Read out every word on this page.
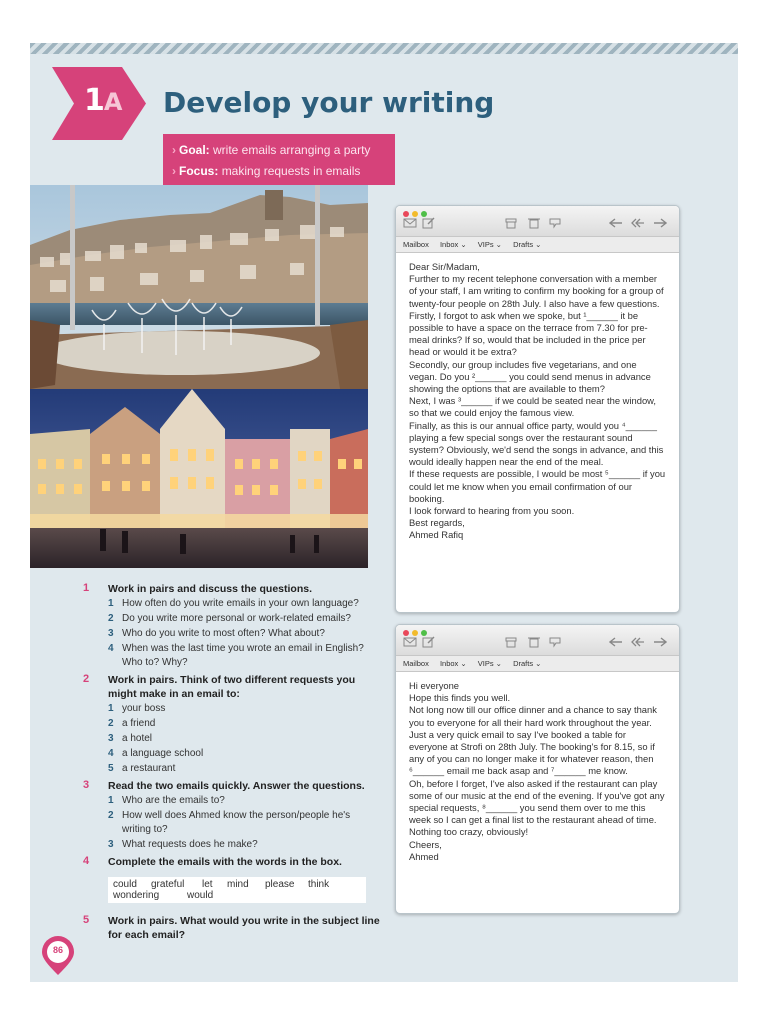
1A Develop your writing
› Goal: write emails arranging a party
› Focus: making requests in emails
1 Work in pairs and discuss the questions.
1 How often do you write emails in your own language?
2 Do you write more personal or work-related emails?
3 Who do you write to most often? What about?
4 When was the last time you wrote an email in English? Who to? Why?
2 Work in pairs. Think of two different requests you might make in an email to:
1 your boss
2 a friend
3 a hotel
4 a language school
5 a restaurant
3 Read the two emails quickly. Answer the questions.
1 Who are the emails to?
2 How well does Ahmed know the person/people he's writing to?
3 What requests does he make?
4 Complete the emails with the words in the box.
could grateful let mind please think
wondering	would
5 Work in pairs. What would you write in the subject line for each email?
Mailbox Inbox ⌄ VIPs ⌄ Drafts ⌄

Dear Sir/Madam,

Further to my recent telephone conversation with a member of your staff, I am writing to confirm my booking for a group of twenty-four people on 28th July. I also have a few questions. Firstly, I forgot to ask when we spoke, but ¹______ it be possible to have a space on the terrace from 7.30 for pre-meal drinks? If so, would that be included in the price per head or would it be extra?

Secondly, our group includes five vegetarians, and one vegan. Do you ²______ you could send menus in advance showing the options that are available to them?

Next, I was ³______ if we could be seated near the window, so that we could enjoy the famous view.

Finally, as this is our annual office party, would you ⁴______ playing a few special songs over the restaurant sound system? Obviously, we'd send the songs in advance, and this would ideally happen near the end of the meal.

If these requests are possible, I would be most ⁵______ if you could let me know when you email confirmation of our booking.

I look forward to hearing from you soon.

Best regards,

Ahmed Rafiq

Mailbox Inbox ⌄ VIPs ⌄ Drafts ⌄

Hi everyone

Hope this finds you well.

Not long now till our office dinner and a chance to say thank you to everyone for all their hard work throughout the year.

Just a very quick email to say I've booked a table for everyone at Strofi on 28th July. The booking's for 8.15, so if any of you can no longer make it for whatever reason, then ⁶______ email me back asap and ⁷______ me know.

Oh, before I forget, I've also asked if the restaurant can play some of our music at the end of the evening. If you've got any special requests, ⁸______ you send them over to me this week so I can get a final list to the restaurant ahead of time. Nothing too crazy, obviously!

Cheers,

Ahmed

86
